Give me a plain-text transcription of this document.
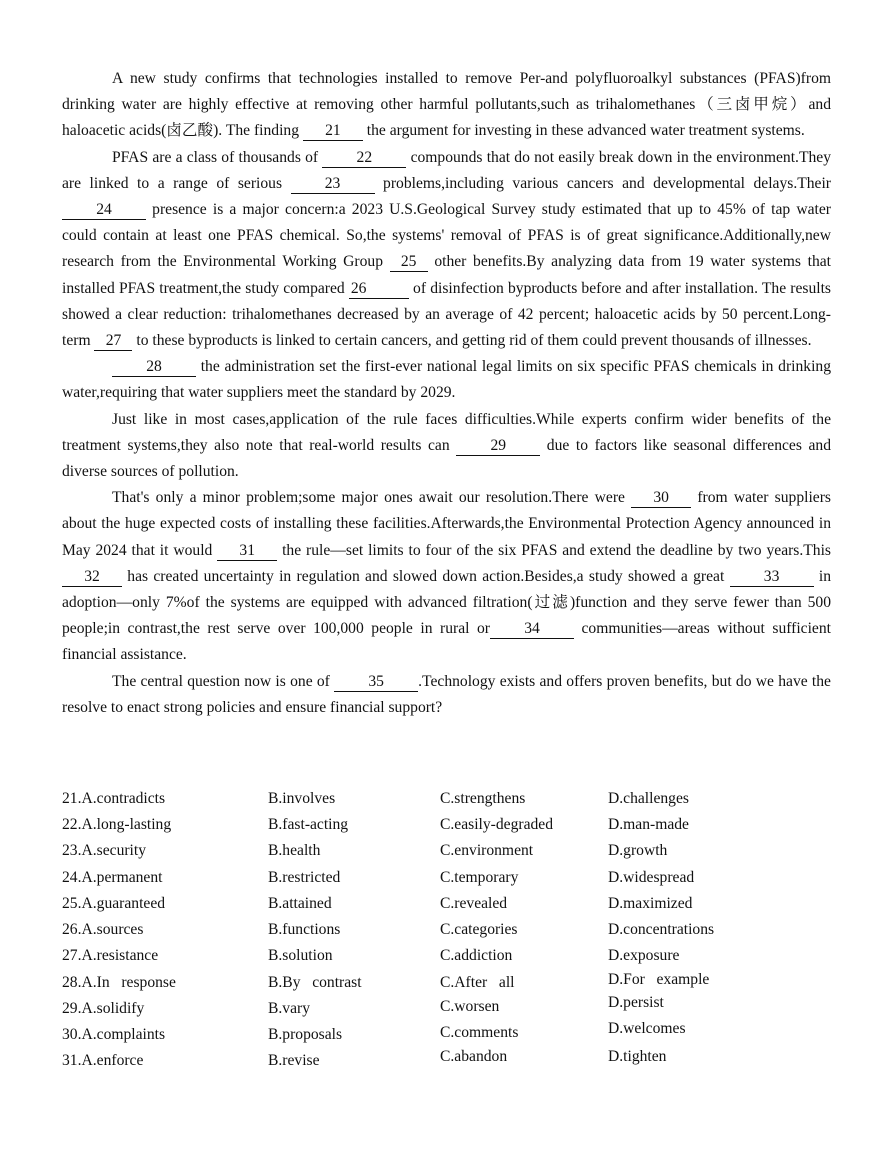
A new study confirms that technologies installed to remove Per-and polyfluoroalkyl substances (PFAS)from drinking water are highly effective at removing other harmful pollutants,such as trihalomethanes（三卤甲烷）and haloacetic acids(卤乙酸). The finding 21 the argument for investing in these advanced water treatment systems.

PFAS are a class of thousands of 22 compounds that do not easily break down in the environment.They are linked to a range of serious 23 problems,including various cancers and developmental delays.Their 24 presence is a major concern:a 2023 U.S.Geological Survey study estimated that up to 45% of tap water could contain at least one PFAS chemical. So,the systems' removal of PFAS is of great significance.Additionally,new research from the Environmental Working Group 25 other benefits.By analyzing data from 19 water systems that installed PFAS treatment,the study compared 26	of disinfection byproducts before and after installation. The results showed a clear reduction: trihalomethanes decreased by an average of 42 percent; haloacetic acids by 50 percent.Long-term 27 to these byproducts is linked to certain cancers, and getting rid of them could prevent thousands of illnesses.

28 the administration set the first-ever national legal limits on six specific PFAS chemicals in drinking water,requiring that water suppliers meet the standard by 2029.

Just like in most cases,application of the rule faces difficulties.While experts confirm wider benefits of the treatment systems,they also note that real-world results can 29 due to factors like seasonal differences and diverse sources of pollution.

That's only a minor problem;some major ones await our resolution.There were 30 from water suppliers about the huge expected costs of installing these facilities.Afterwards,the Environmental Protection Agency announced in May 2024 that it would 31 the rule—set limits to four of the six PFAS and extend the deadline by two years.This 32 has created uncertainty in regulation and slowed down action.Besides,a study showed a great 33 in adoption—only 7%of the systems are equipped with advanced filtration(过滤)function and they serve fewer than 500 people;in contrast,the rest serve over 100,000 people in rural or 34 communities—areas without sufficient financial assistance.

The central question now is one of 35 .Technology exists and offers proven benefits, but do we have the resolve to enact strong policies and ensure financial support?

21.A.contradicts	B.involves	C.strengthens	D.challenges
22.A.long-lasting	B.fast-acting	C.easily-degraded	D.man-made
23.A.security	B.health	C.environment	D.growth
24.A.permanent	B.restricted	C.temporary	D.widespread
25.A.guaranteed	B.attained	C.revealed	D.maximized
26.A.sources	B.functions	C.categories	D.concentrations
27.A.resistance	B.solution	C.addiction	D.exposure
28.A.In   response	B.By   contrast	C.After   all	D.For   example
29.A.solidify	B.vary	C.worsen	D.persist
30.A.complaints	B.proposals	C.comments	D.welcomes
31.A.enforce	B.revise	C.abandon	D.tighten
